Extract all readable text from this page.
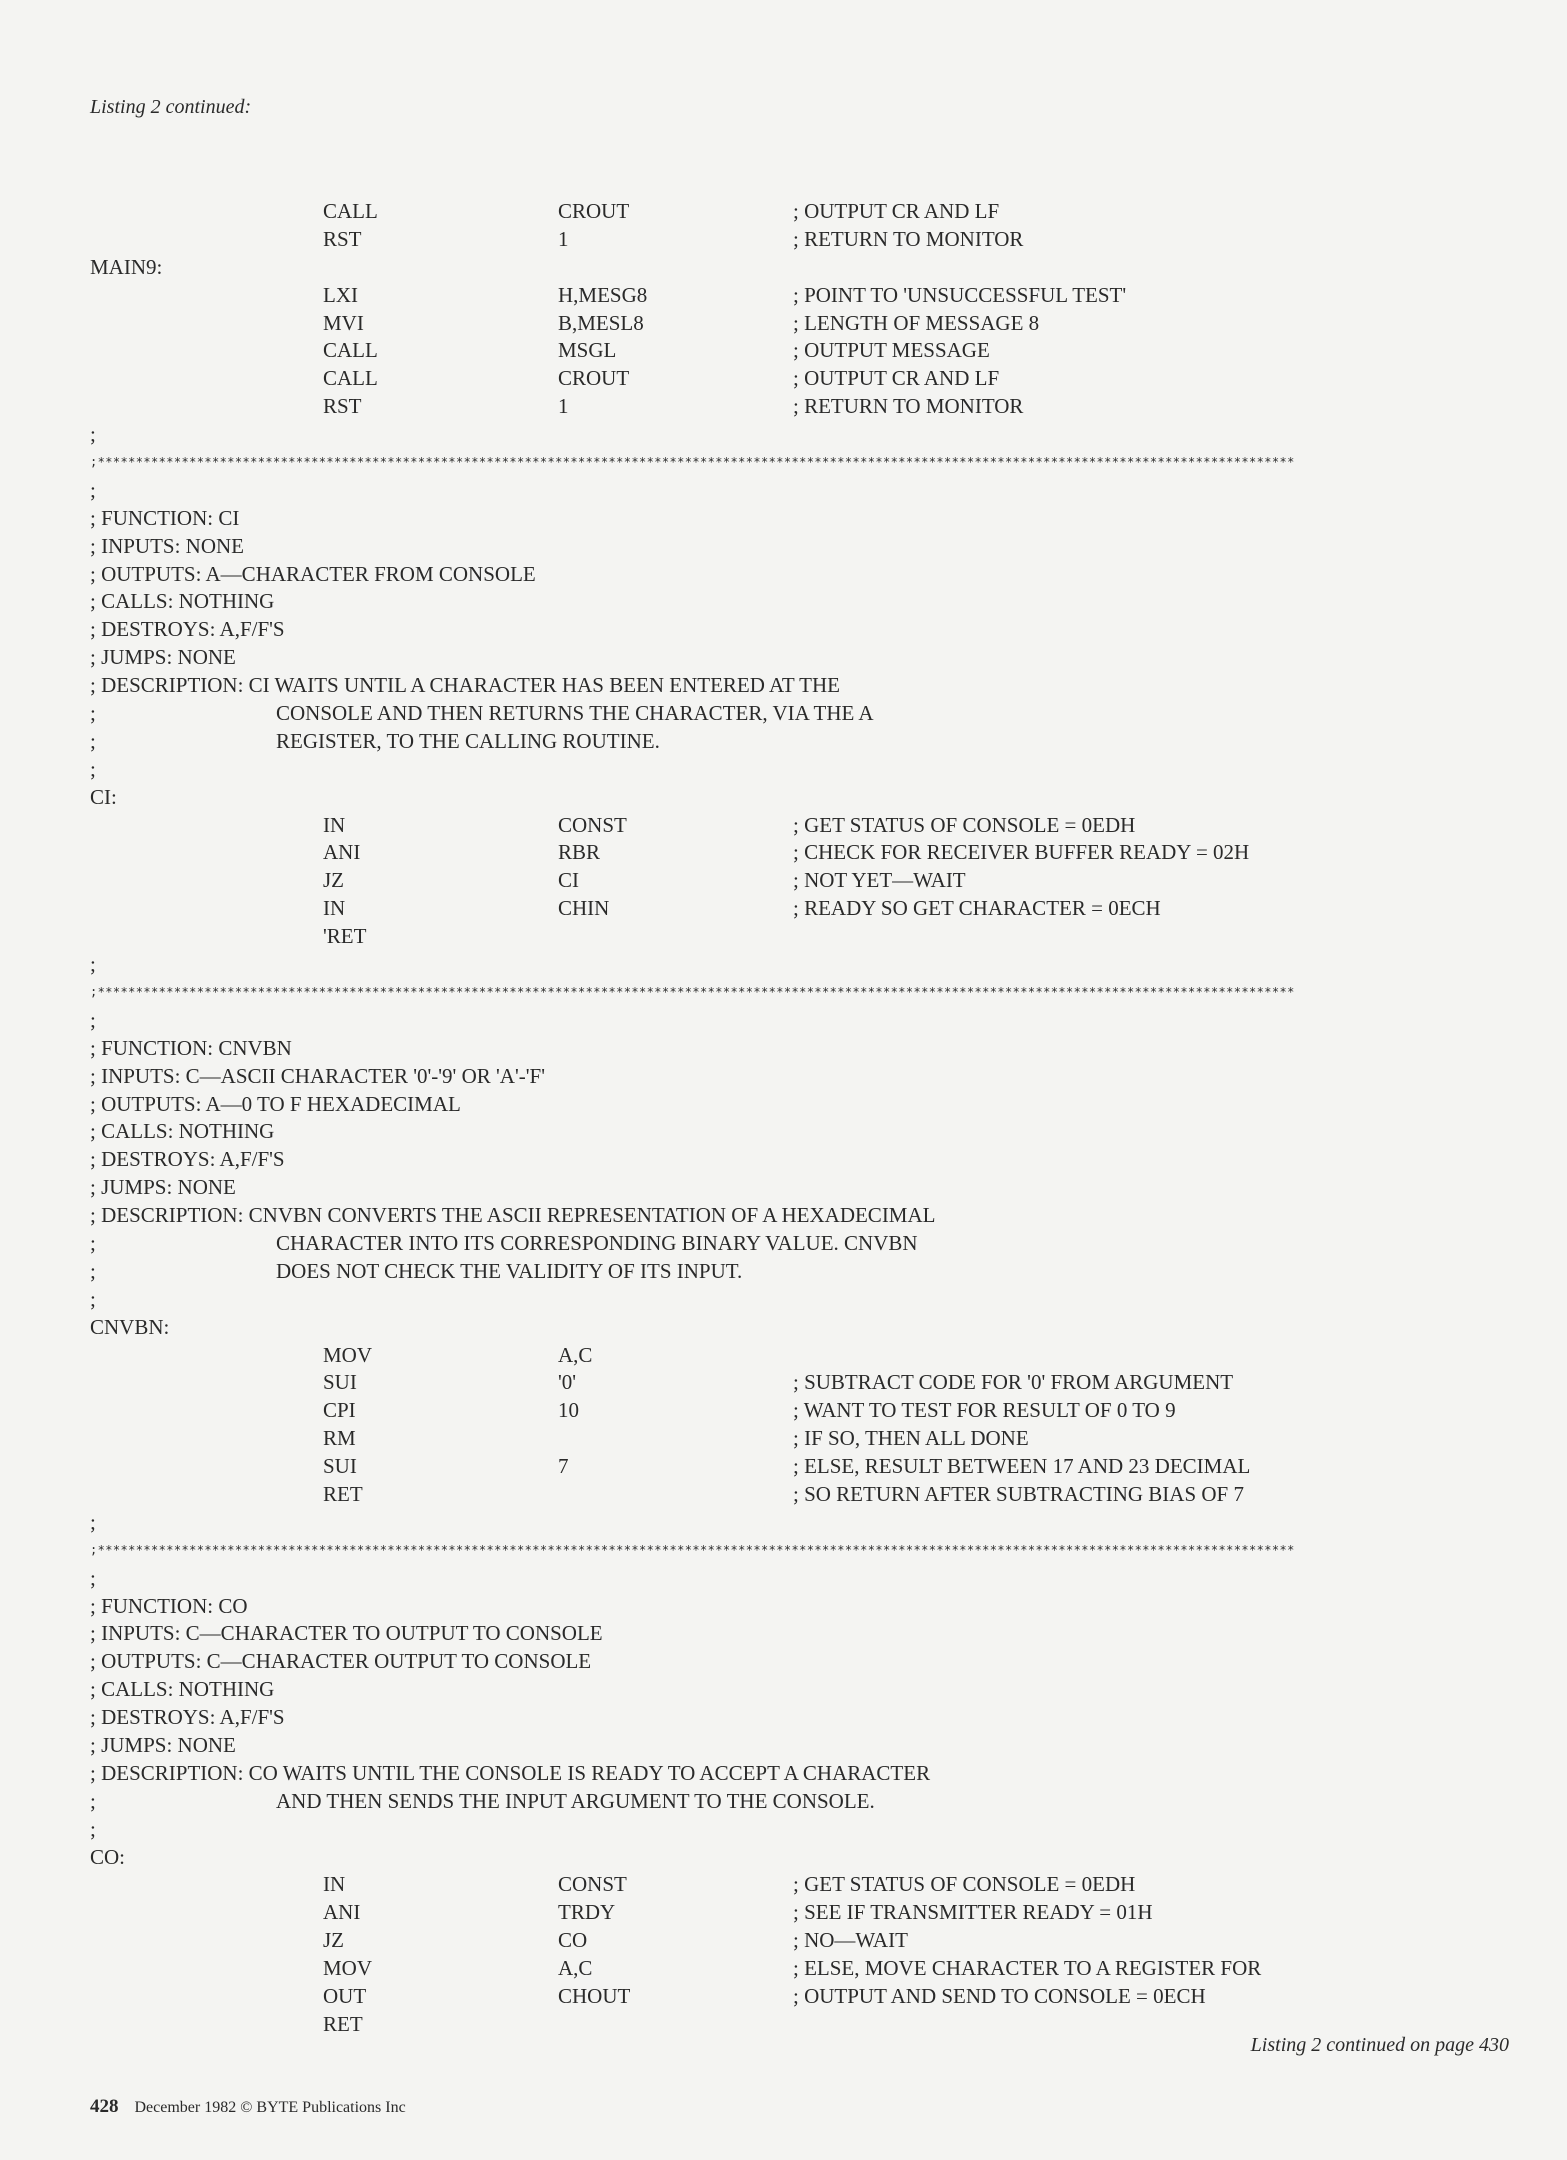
Listing 2 continued:
CALL	CROUT	; OUTPUT CR AND LF
RST	1	; RETURN TO MONITOR
MAIN9:
LXI	H,MESG8	; POINT TO 'UNSUCCESSFUL TEST'
MVI	B,MESL8	; LENGTH OF MESSAGE 8
CALL	MSGL	; OUTPUT MESSAGE
CALL	CROUT	; OUTPUT CR AND LF
RST	1	; RETURN TO MONITOR
;
;*************************************************************************************************************************************************************
;
; FUNCTION: CI
; INPUTS: NONE
; OUTPUTS: A—CHARACTER FROM CONSOLE
; CALLS: NOTHING
; DESTROYS: A,F/F'S
; JUMPS: NONE
; DESCRIPTION: CI WAITS UNTIL A CHARACTER HAS BEEN ENTERED AT THE
;	CONSOLE AND THEN RETURNS THE CHARACTER, VIA THE A
;	REGISTER, TO THE CALLING ROUTINE.
;
CI:
IN	CONST	; GET STATUS OF CONSOLE = 0EDH
ANI	RBR	; CHECK FOR RECEIVER BUFFER READY = 02H
JZ	CI	; NOT YET—WAIT
IN	CHIN	; READY SO GET CHARACTER = 0ECH
'RET
;
;*************************************************************************************************************************************************************
;
; FUNCTION: CNVBN
; INPUTS: C—ASCII CHARACTER '0'-'9' OR 'A'-'F'
; OUTPUTS: A—0 TO F HEXADECIMAL
; CALLS: NOTHING
; DESTROYS: A,F/F'S
; JUMPS: NONE
; DESCRIPTION: CNVBN CONVERTS THE ASCII REPRESENTATION OF A HEXADECIMAL
;	CHARACTER INTO ITS CORRESPONDING BINARY VALUE. CNVBN
;	DOES NOT CHECK THE VALIDITY OF ITS INPUT.
;
CNVBN:
MOV	A,C
SUI	'0'	; SUBTRACT CODE FOR '0' FROM ARGUMENT
CPI	10	; WANT TO TEST FOR RESULT OF 0 TO 9
RM	; IF SO, THEN ALL DONE
SUI	7	; ELSE, RESULT BETWEEN 17 AND 23 DECIMAL
RET	; SO RETURN AFTER SUBTRACTING BIAS OF 7
;
;*************************************************************************************************************************************************************
;
; FUNCTION: CO
; INPUTS: C—CHARACTER TO OUTPUT TO CONSOLE
; OUTPUTS: C—CHARACTER OUTPUT TO CONSOLE
; CALLS: NOTHING
; DESTROYS: A,F/F'S
; JUMPS: NONE
; DESCRIPTION: CO WAITS UNTIL THE CONSOLE IS READY TO ACCEPT A CHARACTER
;	AND THEN SENDS THE INPUT ARGUMENT TO THE CONSOLE.
;
CO:
IN	CONST	; GET STATUS OF CONSOLE = 0EDH
ANI	TRDY	; SEE IF TRANSMITTER READY = 01H
JZ	CO	; NO—WAIT
MOV	A,C	; ELSE, MOVE CHARACTER TO A REGISTER FOR
OUT	CHOUT	; OUTPUT AND SEND TO CONSOLE = 0ECH
RET
Listing 2 continued on page 430
428 December 1982 © BYTE Publications Inc
